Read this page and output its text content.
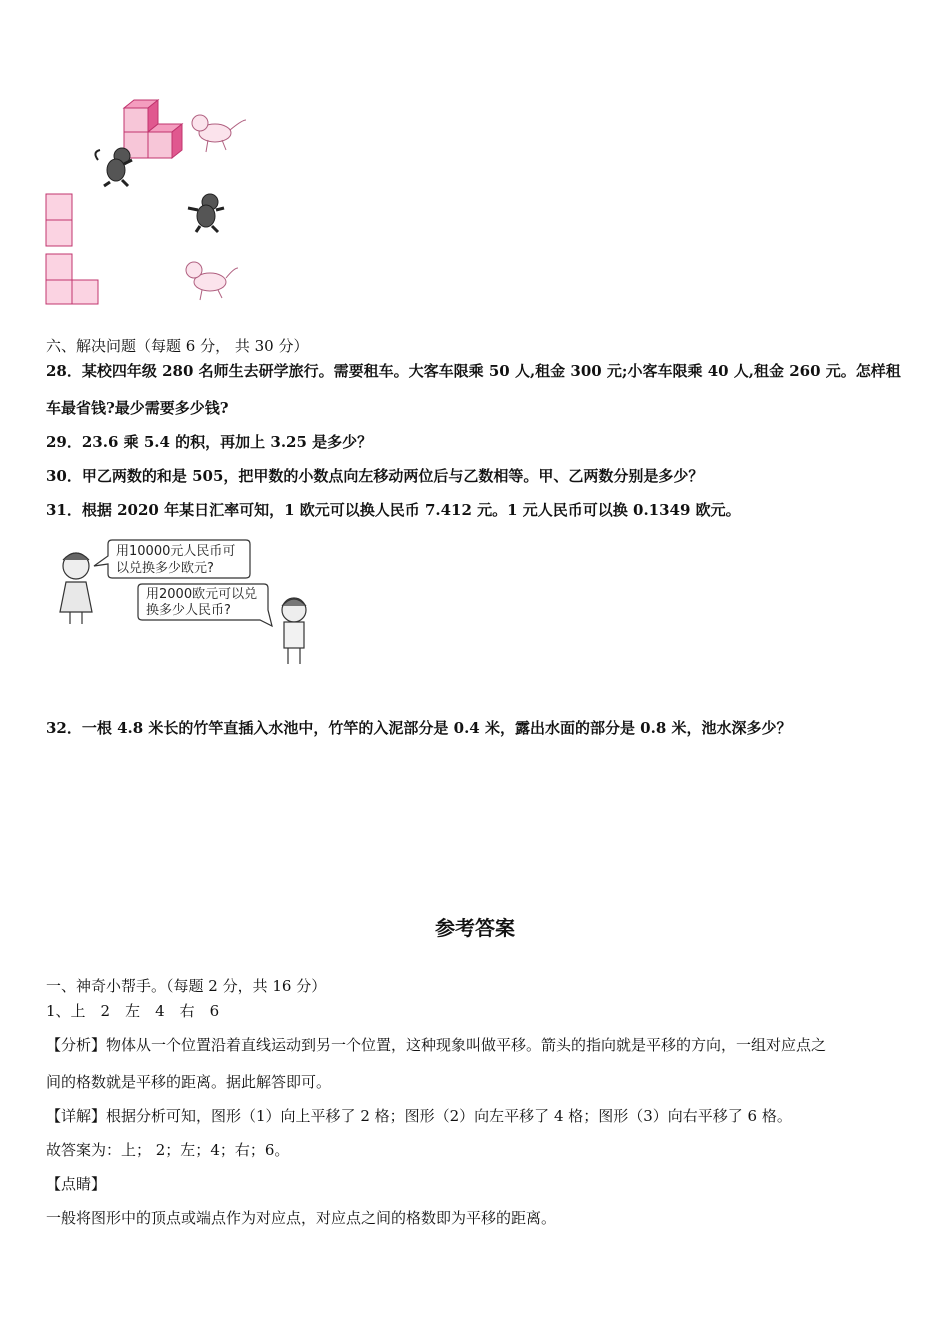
六、解决问题（每题 6 分， 共 30 分）
28．某校四年级 280 名师生去研学旅行。需要租车。大客车限乘 50 人,租金 300 元;小客车限乘 40 人,租金 260 元。怎样租
车最省钱?最少需要多少钱?
29．23.6 乘 5.4 的积，再加上 3.25 是多少？
30．甲乙两数的和是 505，把甲数的小数点向左移动两位后与乙数相等。甲、乙两数分别是多少？
31．根据 2020 年某日汇率可知，1 欧元可以换人民币 7.412 元。1 元人民币可以换 0.1349 欧元。
用10000元人民币可
以兑换多少欧元?
用2000欧元可以兑
换多少人民币?
32．一根 4.8 米长的竹竿直插入水池中，竹竿的入泥部分是 0.4 米，露出水面的部分是 0.8 米，池水深多少？
参考答案
一、神奇小帮手。（每题 2 分，共 16 分）
1、上　2　左　4　右　6
【分析】物体从一个位置沿着直线运动到另一个位置，这种现象叫做平移。箭头的指向就是平移的方向，一组对应点之
间的格数就是平移的距离。据此解答即可。
【详解】根据分析可知，图形（1）向上平移了 2 格；图形（2）向左平移了 4 格；图形（3）向右平移了 6 格。
故答案为：上； 2；左；4；右；6。
【点睛】
一般将图形中的顶点或端点作为对应点，对应点之间的格数即为平移的距离。
